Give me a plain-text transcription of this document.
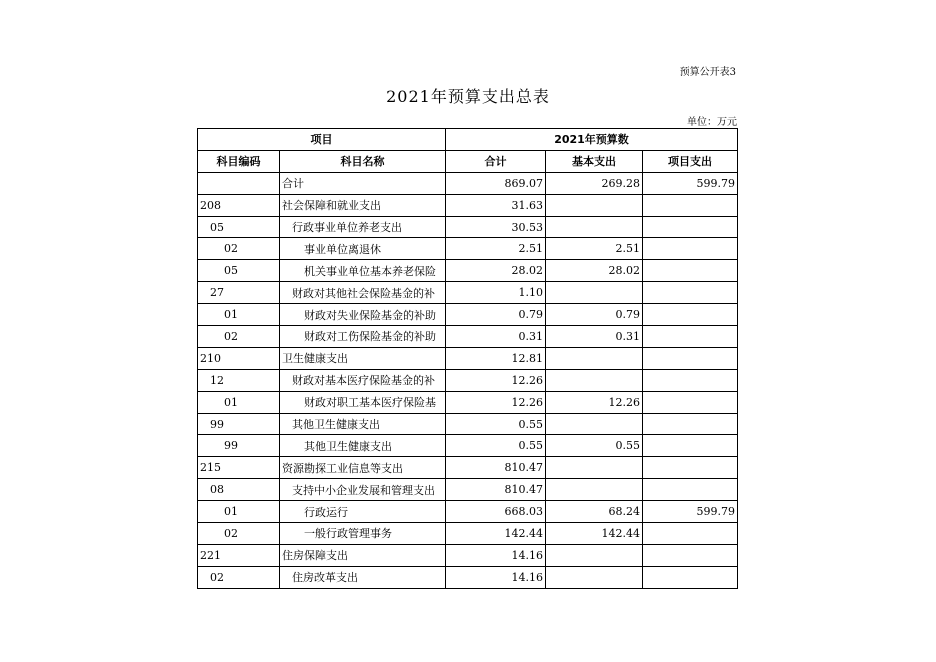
预算公开表3
2021年预算支出总表
单位：万元
项目		2021年预算数		
科目编码	科目名称	合计	基本支出	项目支出
	合计	869.07	269.28	599.79
208	社会保障和就业支出	31.63		
05	行政事业单位养老支出	30.53		
02	事业单位离退休	2.51	2.51	
05	机关事业单位基本养老保险	28.02	28.02	
27	财政对其他社会保险基金的补	1.10		
01	财政对失业保险基金的补助	0.79	0.79	
02	财政对工伤保险基金的补助	0.31	0.31	
210	卫生健康支出	12.81		
12	财政对基本医疗保险基金的补	12.26		
01	财政对职工基本医疗保险基	12.26	12.26	
99	其他卫生健康支出	0.55		
99	其他卫生健康支出	0.55	0.55	
215	资源勘探工业信息等支出	810.47		
08	支持中小企业发展和管理支出	810.47		
01	行政运行	668.03	68.24	599.79
02	一般行政管理事务	142.44	142.44	
221	住房保障支出	14.16		
02	住房改革支出	14.16		
